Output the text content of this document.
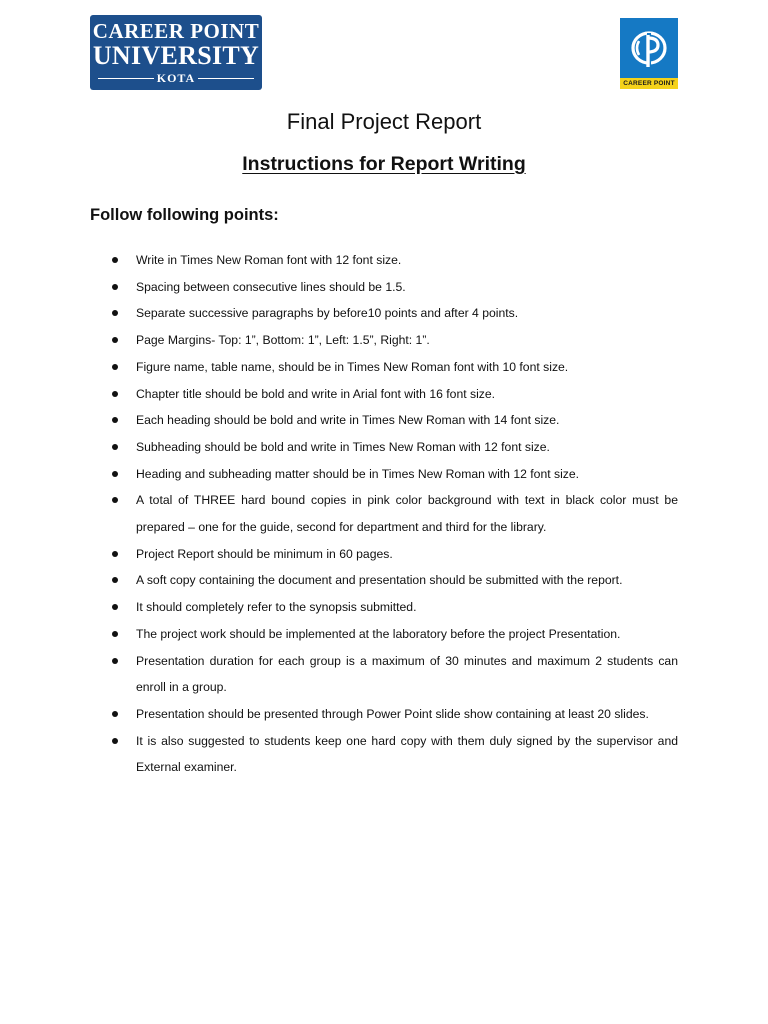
CAREER POINT
UNIVERSITY
KOTA	CAREER POINT
Final Project Report
Instructions for Report Writing
Follow following points:
Write in Times New Roman font with 12 font size.
Spacing between consecutive lines should be 1.5.
Separate successive paragraphs by before10 points and after 4 points.
Page Margins- Top: 1”, Bottom: 1”, Left: 1.5”, Right: 1”.
Figure name, table name, should be in Times New Roman font with 10 font size.
Chapter title should be bold and write in Arial font with 16 font size.
Each heading should be bold and write in Times New Roman with 14 font size.
Subheading should be bold and write in Times New Roman with 12 font size.
Heading and subheading matter should be in Times New Roman with 12 font size.
A total of THREE hard bound copies in pink color background with text in black color must be prepared – one for the guide, second for department and third for the library.
Project Report should be minimum in 60 pages.
A soft copy containing the document and presentation should be submitted with the report.
It should completely refer to the synopsis submitted.
The project work should be implemented at the laboratory before the project Presentation.
Presentation duration for each group is a maximum of 30 minutes and maximum 2 students can enroll in a group.
Presentation should be presented through Power Point slide show containing at least 20 slides.
It is also suggested to students keep one hard copy with them duly signed by the supervisor and External examiner.
